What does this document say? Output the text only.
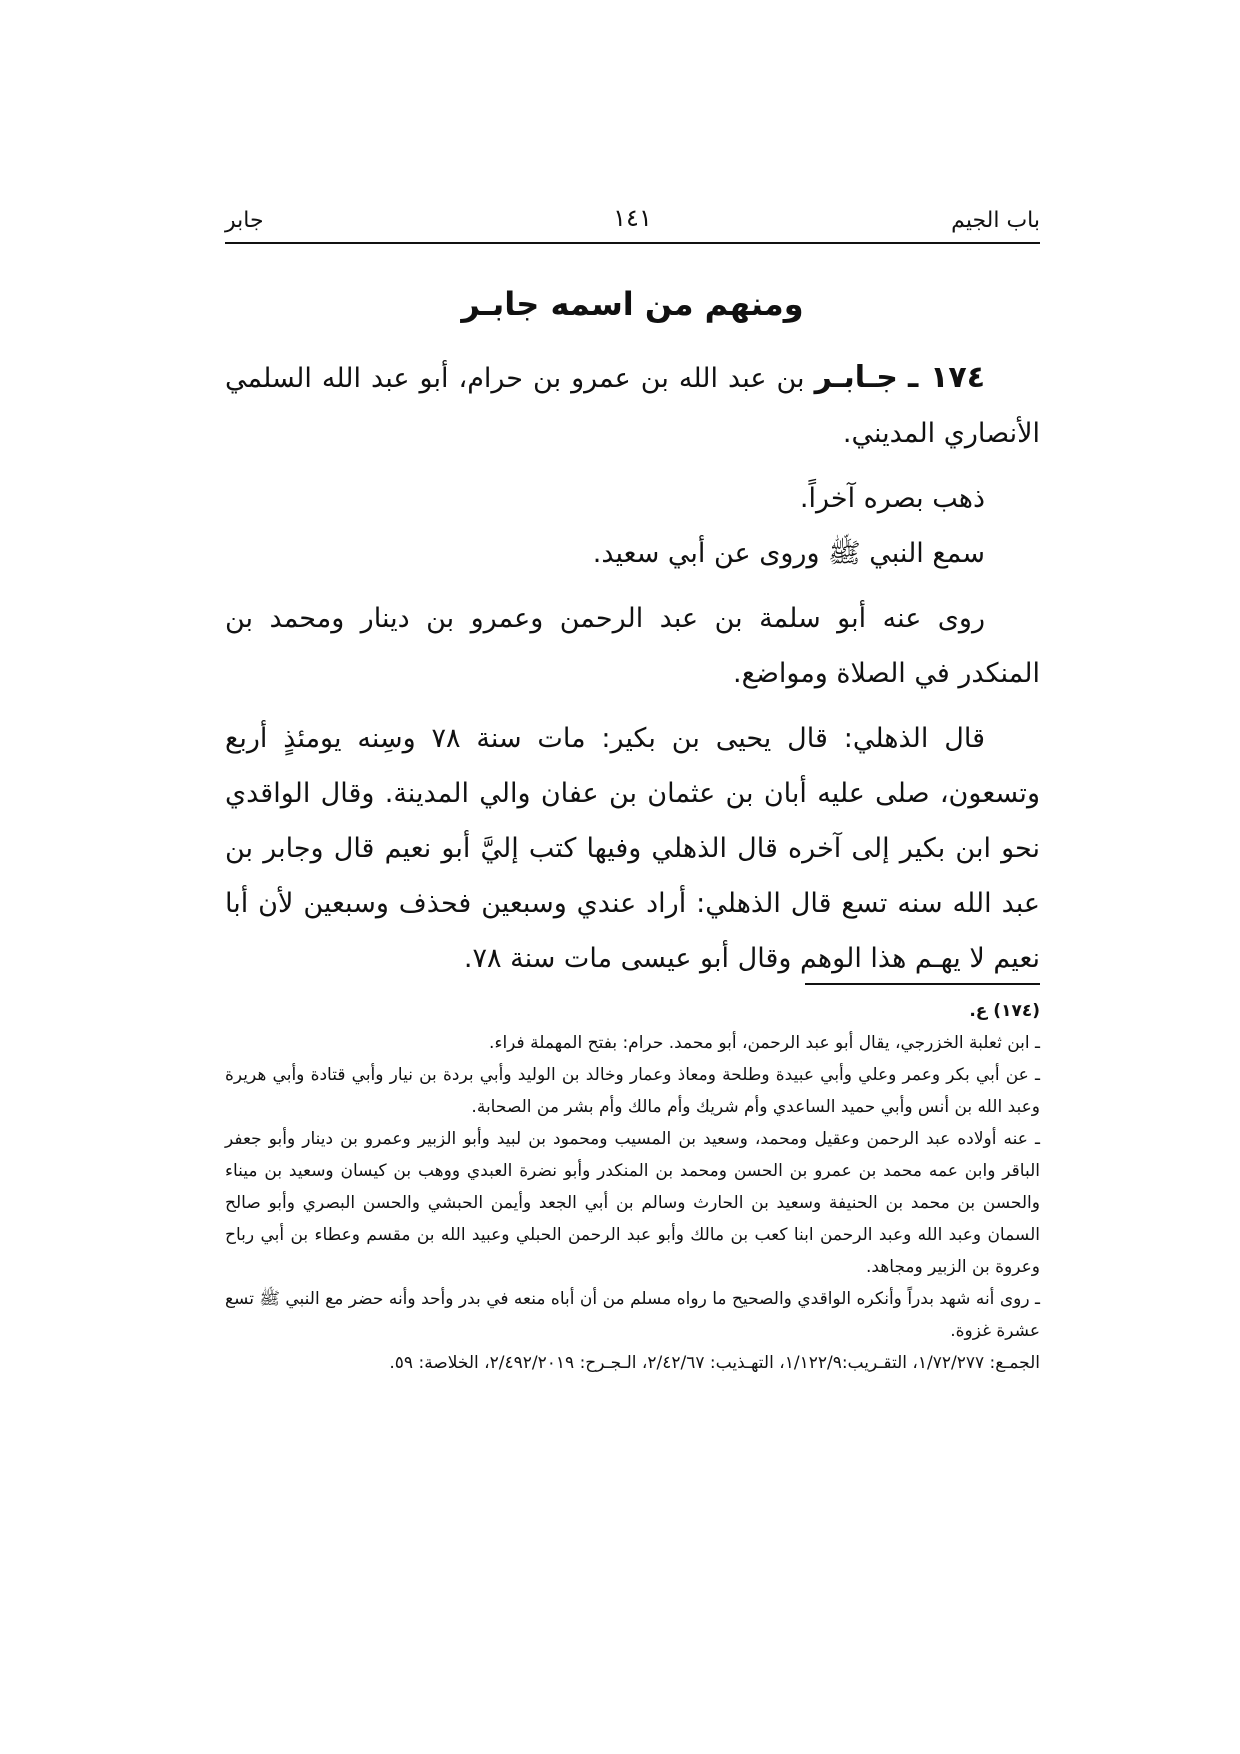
باب الجيم
١٤١
جابر
ومنهم من اسمه جابـر

١٧٤ ـ جـابـر بن عبد الله بن عمرو بن حرام، أبو عبد الله السلمي الأنصاري المديني.

ذهب بصره آخراً.

سمع النبي ﷺ وروى عن أبي سعيد.

روى عنه أبو سلمة بن عبد الرحمن وعمرو بن دينار ومحمد بن المنكدر في الصلاة ومواضع.

قال الذهلي: قال يحيى بن بكير: مات سنة ٧٨ وسِنه يومئذٍ أربع وتسعون، صلى عليه أبان بن عثمان بن عفان والي المدينة. وقال الواقدي نحو ابن بكير إلى آخره قال الذهلي وفيها كتب إليَّ أبو نعيم قال وجابر بن عبد الله سنه تسع قال الذهلي: أراد عندي وسبعين فحذف وسبعين لأن أبا نعيم لا يهـم هذا الوهم وقال أبو عيسى مات سنة ٧٨.

(١٧٤) ع.

ـ ابن ثعلبة الخزرجي، يقال أبو عبد الرحمن، أبو محمد. حرام: بفتح المهملة فراء.

ـ عن أبي بكر وعمر وعلي وأبي عبيدة وطلحة ومعاذ وعمار وخالد بن الوليد وأبي بردة بن نيار وأبي قتادة وأبي هريرة وعبد الله بن أنس وأبي حميد الساعدي وأم شريك وأم مالك وأم بشر من الصحابة.

ـ عنه أولاده عبد الرحمن وعقيل ومحمد، وسعيد بن المسيب ومحمود بن لبيد وأبو الزبير وعمرو بن دينار وأبو جعفر الباقر وابن عمه محمد بن عمرو بن الحسن ومحمد بن المنكدر وأبو نضرة العبدي ووهب بن كيسان وسعيد بن ميناء والحسن بن محمد بن الحنيفة وسعيد بن الحارث وسالم بن أبي الجعد وأيمن الحبشي والحسن البصري وأبو صالح السمان وعبد الله وعبد الرحمن ابنا كعب بن مالك وأبو عبد الرحمن الحبلي وعبيد الله بن مقسم وعطاء بن أبي رباح وعروة بن الزبير ومجاهد.

ـ روى أنه شهد بدراً وأنكره الواقدي والصحيح ما رواه مسلم من أن أباه منعه في بدر وأحد وأنه حضر مع النبي ﷺ تسع عشرة غزوة.

الجمـع: ١/٧٢/٢٧٧، التقـريب:١/١٢٢/٩، التهـذيب: ٢/٤٢/٦٧، الـجـرح: ٢/٤٩٢/٢٠١٩، الخلاصة: ٥٩.
